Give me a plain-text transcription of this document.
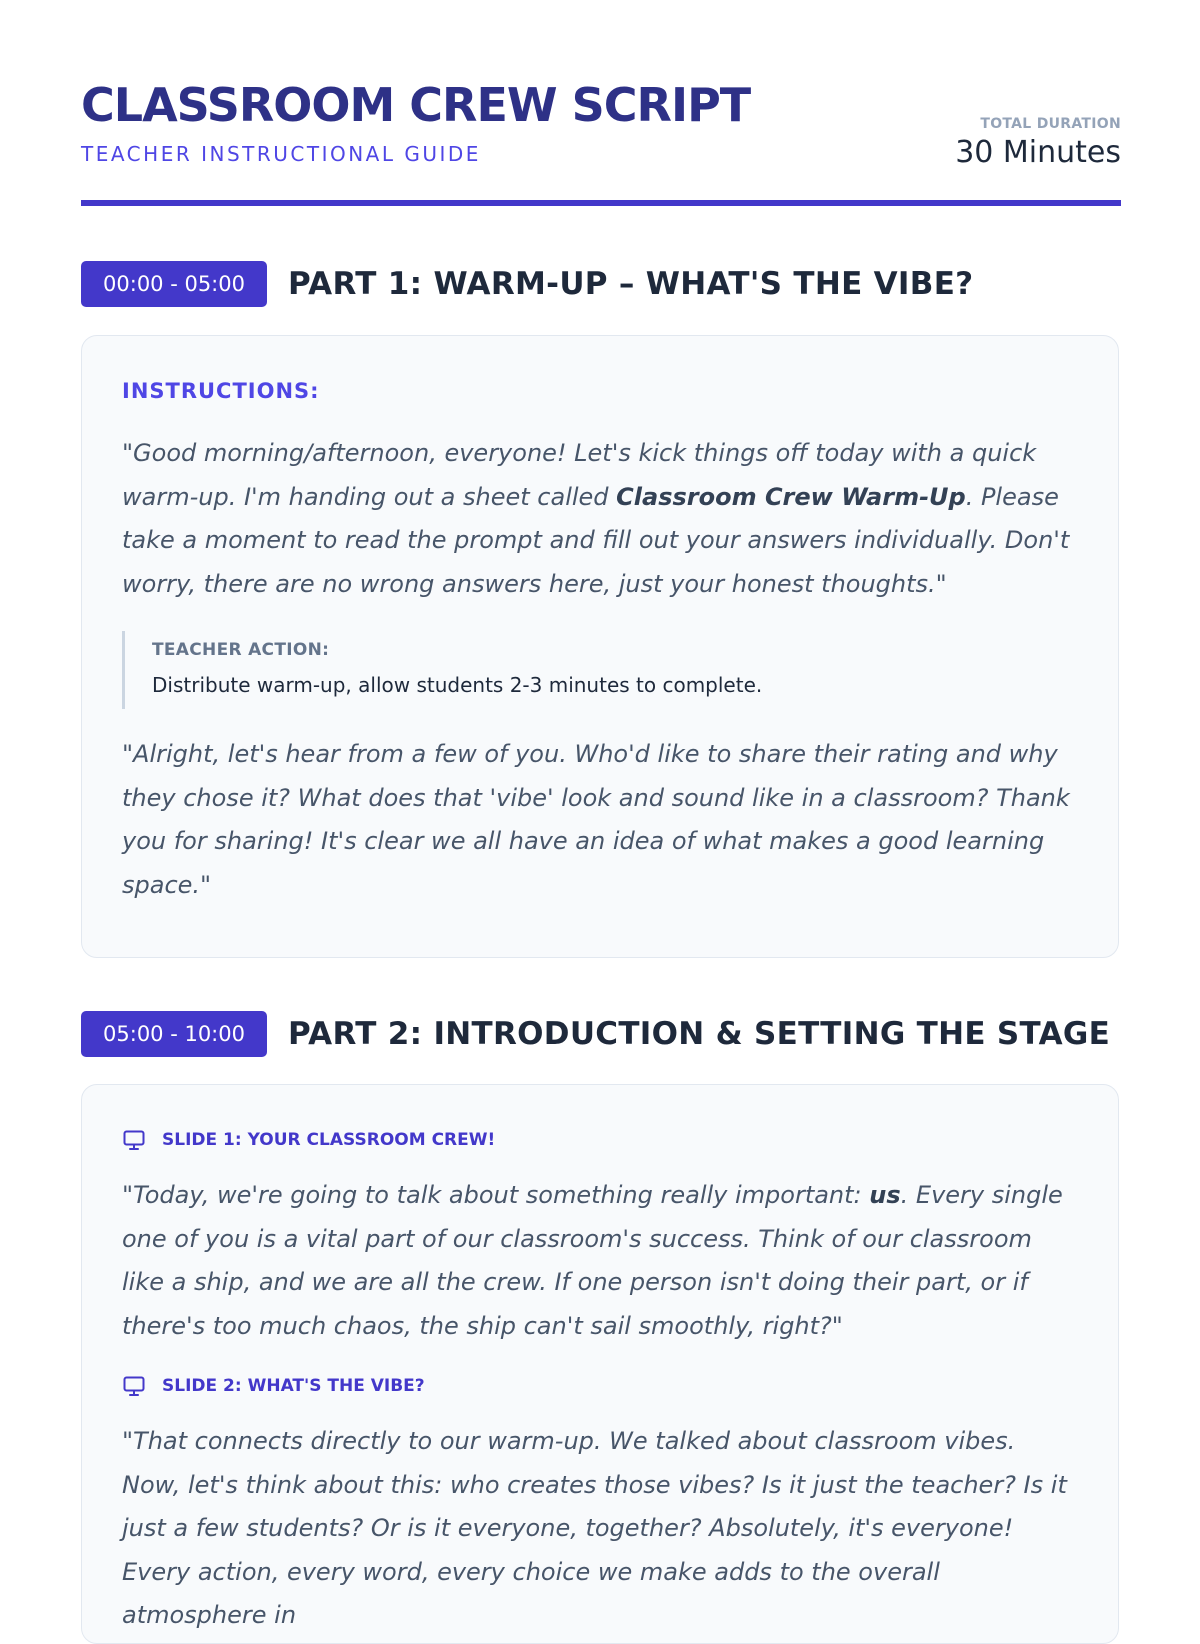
CLASSROOM CREW SCRIPT
TEACHER INSTRUCTIONAL GUIDE
TOTAL DURATION
30 Minutes
00:00 - 05:00	PART 1: WARM-UP – WHAT'S THE VIBE?
INSTRUCTIONS:

"Good morning/afternoon, everyone! Let's kick things off today with a quick warm-up. I'm handing out a sheet called Classroom Crew Warm-Up. Please take a moment to read the prompt and fill out your answers individually. Don't worry, there are no wrong answers here, just your honest thoughts."

TEACHER ACTION:
Distribute warm-up, allow students 2-3 minutes to complete.

"Alright, let's hear from a few of you. Who'd like to share their rating and why they chose it? What does that 'vibe' look and sound like in a classroom? Thank you for sharing! It's clear we all have an idea of what makes a good learning space."

05:00 - 10:00	PART 2: INTRODUCTION & SETTING THE STAGE
SLIDE 1: YOUR CLASSROOM CREW!

"Today, we're going to talk about something really important: us. Every single one of you is a vital part of our classroom's success. Think of our classroom like a ship, and we are all the crew. If one person isn't doing their part, or if there's too much chaos, the ship can't sail smoothly, right?"

SLIDE 2: WHAT'S THE VIBE?

"That connects directly to our warm-up. We talked about classroom vibes. Now, let's think about this: who creates those vibes? Is it just the teacher? Is it just a few students? Or is it everyone, together? Absolutely, it's everyone! Every action, every word, every choice we make adds to the overall atmosphere in
